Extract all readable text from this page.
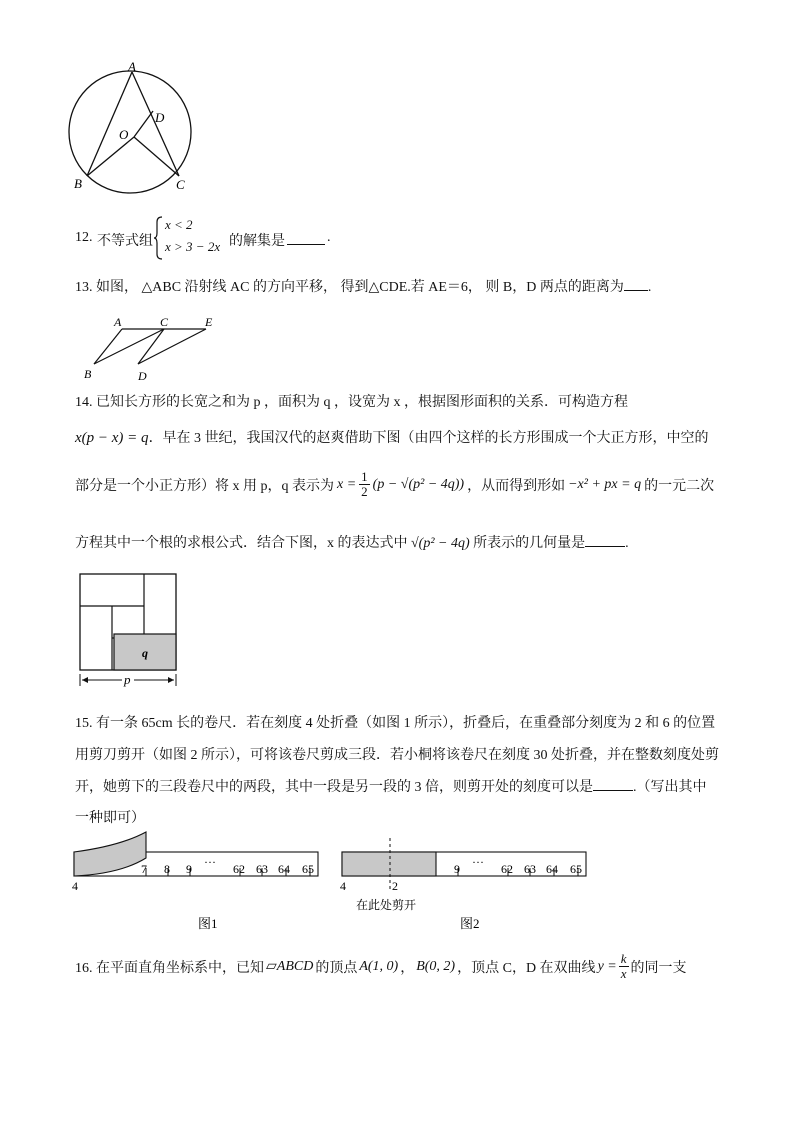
A
B	C
O
D
12. 不等式组
x < 2
x > 3 − 2x 的解集是	.
13. 如图， △ABC 沿射线 AC 的方向平移， 得到△CDE.若 AE＝6， 则 B，D 两点的距离为 .
A	C	E
B	D
14. 已知长方形的长宽之和为 p ，面积为 q ，设宽为 x ，根据图形面积的关系．可构造方程
x(p − x) = q．早在 3 世纪，我国汉代的赵爽借助下图（由四个这样的长方形围成一个大正方形，中空的
部分是一个小正方形）将 x 用 p，q 表示为 $x = \frac{1}{2} (p - √(p^2 - 4q))$ ，从而得到形如 −x² + px = q 的一元二次
方程其中一个根的求根公式．结合下图，x 的表达式中 √(p² − 4q) 所表示的几何量是	.
q
p
15. 有一条 65cm 长的卷尺．若在刻度 4 处折叠（如图 1 所示），折叠后，在重叠部分刻度为 2 和 6 的位置
用剪刀剪开（如图 2 所示），可将该卷尺剪成三段．若小桐将该卷尺在刻度 30 处折叠，并在整数刻度处剪
开，她剪下的三段卷尺中的两段，其中一段是另一段的 3 倍，则剪开处的刻度可以是	.（写出其中
一种即可）
7 8 9 ··· 62 63 64 65
4
图1
9 ··· 62 63 64 65
4	2
在此处剪开
图2
16. 在平面直角坐标系中，已知 ▱ABCD 的顶点 A(1, 0) ， B(0, 2) ，顶点 C，D 在双曲线 $y = \frac{k}{x}$ 的同一支
